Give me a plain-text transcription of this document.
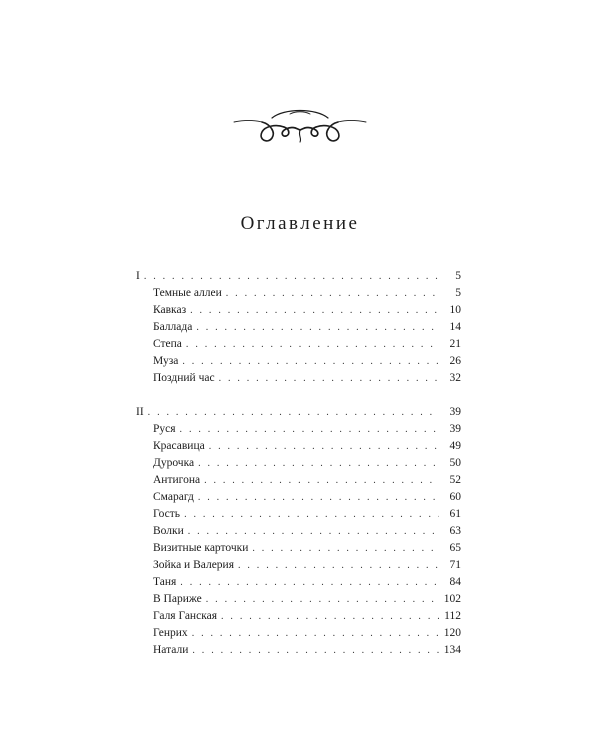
Оглавление
I . . .	5
Темные аллеи . . .	5
Кавказ . . .	10
Баллада . . .	14
Степа . . .	21
Муза . . .	26
Поздний час . . .	32
II . . .	39
Руся . . .	39
Красавица . . .	49
Дурочка . . .	50
Антигона . . .	52
Смарагд . . .	60
Гость . . .	61
Волки . . .	63
Визитные карточки . . .	65
Зойка и Валерия . . .	71
Таня . . .	84
В Париже . . .	102
Галя Ганская . . .	112
Генрих . . .	120
Натали . . .	134
